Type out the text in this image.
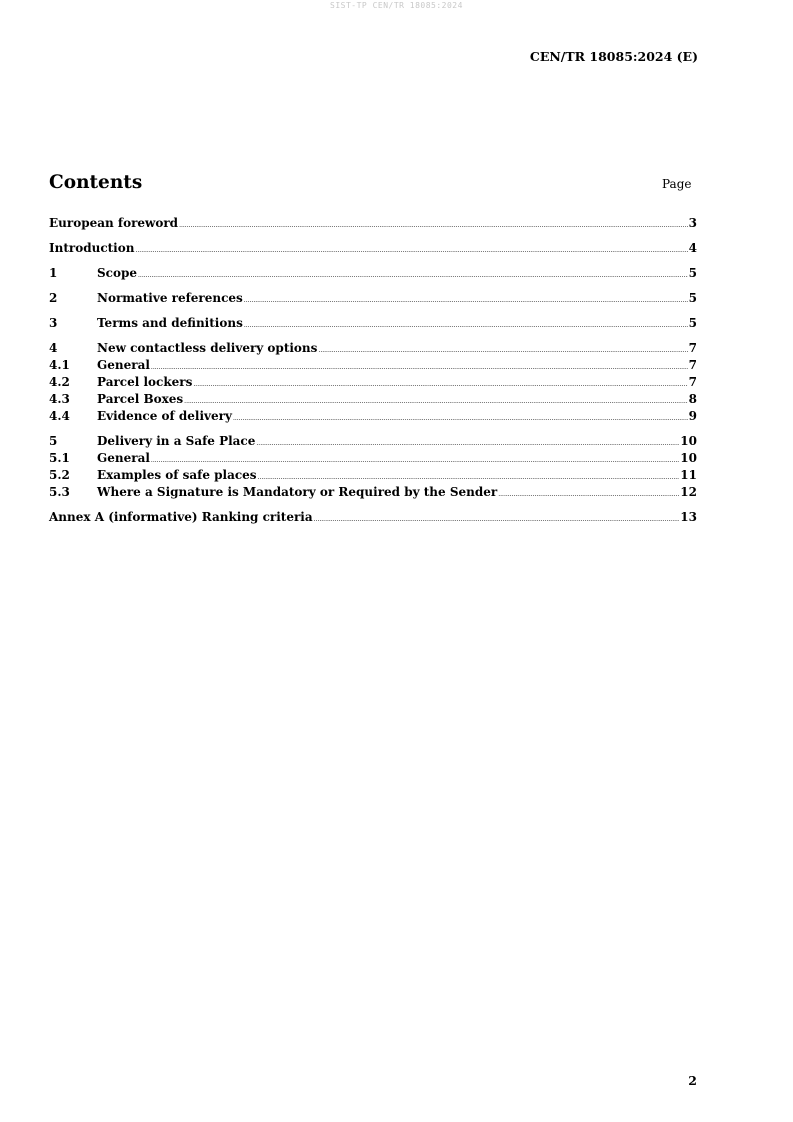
SIST-TP CEN/TR 18085:2024
CEN/TR 18085:2024 (E)
Contents	Page
European foreword .....	3
Introduction .....	4
1	Scope .....	5
2	Normative references .....	5
3	Terms and definitions .....	5
4	New contactless delivery options .....	7
4.1	General .....	7
4.2	Parcel lockers .....	7
4.3	Parcel Boxes .....	8
4.4	Evidence of delivery .....	9
5	Delivery in a Safe Place .....	10
5.1	General .....	10
5.2	Examples of safe places .....	11
5.3	Where a Signature is Mandatory or Required by the Sender .....	12
Annex A (informative) Ranking criteria .....	13
2
